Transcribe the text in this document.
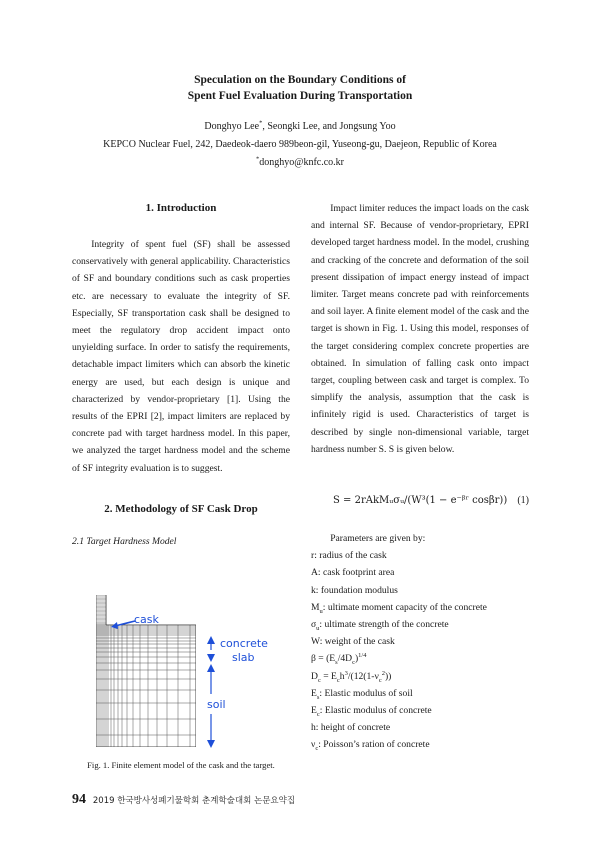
Speculation on the Boundary Conditions of
Spent Fuel Evaluation During Transportation
Donghyo Lee*, Seongki Lee, and Jongsung Yoo
KEPCO Nuclear Fuel, 242, Daedeok-daero 989beon-gil, Yuseong-gu, Daejeon, Republic of Korea
*donghyo@knfc.co.kr
1. Introduction
Integrity of spent fuel (SF) shall be assessed conservatively with general applicability. Characteristics of SF and boundary conditions such as cask properties etc. are necessary to evaluate the integrity of SF. Especially, SF transportation cask shall be designed to meet the regulatory drop accident impact onto unyielding surface. In order to satisfy the requirements, detachable impact limiters which can absorb the kinetic energy are used, but each design is unique and characterized by vendor-proprietary [1]. Using the results of the EPRI [2], impact limiters are replaced by concrete pad with target hardness model. In this paper, we analyzed the target hardness model and the scheme of SF integrity evaluation is to suggest.
2. Methodology of SF Cask Drop
2.1 Target Hardness Model
cask
concrete
slab
soil
Fig. 1. Finite element model of the cask and the target.
Impact limiter reduces the impact loads on the cask and internal SF. Because of vendor-proprietary, EPRI developed target hardness model. In the model, crushing and cracking of the concrete and deformation of the soil present dissipation of impact energy instead of impact limiter. Target means concrete pad with reinforcements and soil layer. A finite element model of the cask and the target is shown in Fig. 1. Using this model, responses of the target considering complex concrete properties are obtained. In simulation of falling cask onto impact target, coupling between cask and target is complex. To simplify the analysis, assumption that the cask is infinitely rigid is used. Characteristics of target is described by single non-dimensional variable, target hardness number S. S is given below.
S = 2rAkMᵤσᵤ/(W³(1 − e⁻ᵝʳ cosβr)) (1)
Parameters are given by:
r: radius of the cask
A: cask footprint area
k: foundation modulus
$M_u$: ultimate moment capacity of the concrete
$\sigma_u$: ultimate strength of the concrete
W: weight of the cask
$\beta = (E_s/4D_c)^{1/4}$
$D_c = E_ch^3/(12(1-\nu_c^2))$
$E_s$: Elastic modulus of soil
$E_c$: Elastic modulus of concrete
h: height of concrete
$\nu_c$: Poisson’s ration of concrete
94 2019 한국방사성폐기물학회 춘계학술대회 논문요약집
